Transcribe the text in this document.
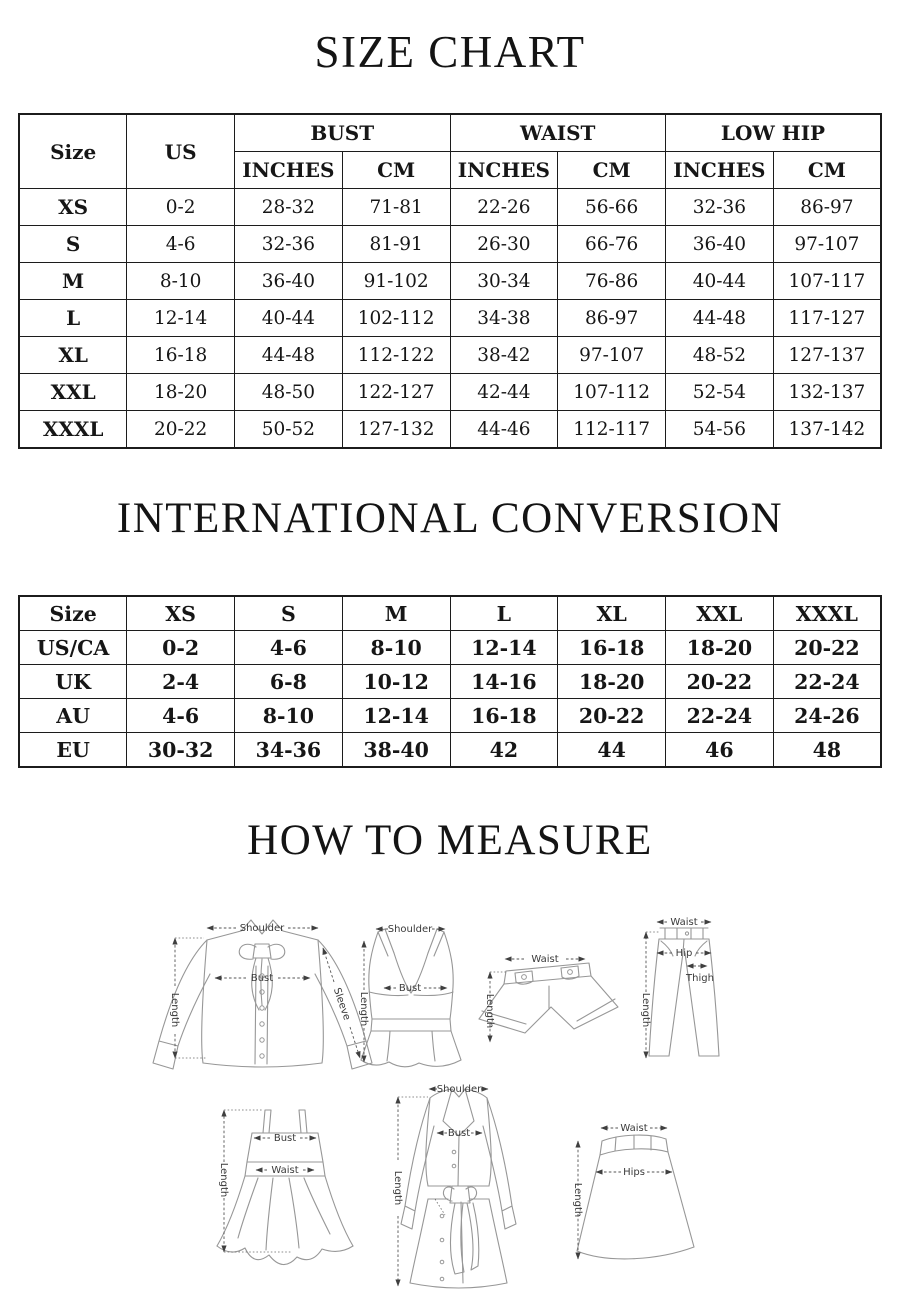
SIZE CHART
Size	US	BUST		WAIST		LOW HIP	
		INCHES	CM	INCHES	CM	INCHES	CM
XS	0-2	28-32	71-81	22-26	56-66	32-36	86-97
S	4-6	32-36	81-91	26-30	66-76	36-40	97-107
M	8-10	36-40	91-102	30-34	76-86	40-44	107-117
L	12-14	40-44	102-112	34-38	86-97	44-48	117-127
XL	16-18	44-48	112-122	38-42	97-107	48-52	127-137
XXL	18-20	48-50	122-127	42-44	107-112	52-54	132-137
XXXL	20-22	50-52	127-132	44-46	112-117	54-56	137-142
INTERNATIONAL CONVERSION
Size	XS	S	M	L	XL	XXL	XXXL
US/CA	0-2	4-6	8-10	12-14	16-18	18-20	20-22
UK	2-4	6-8	10-12	14-16	18-20	20-22	22-24
AU	4-6	8-10	12-14	16-18	20-22	22-24	24-26
EU	30-32	34-36	38-40	42	44	46	48
HOW TO MEASURE
Shoulder
Bust
Length	Sleeve
Shoulder
Bust
Length
Waist
Length
Waist
Hip
Thigh
Length
Bust
Waist
Length
Shoulder
Bust
Length
Waist
Hips
Length
